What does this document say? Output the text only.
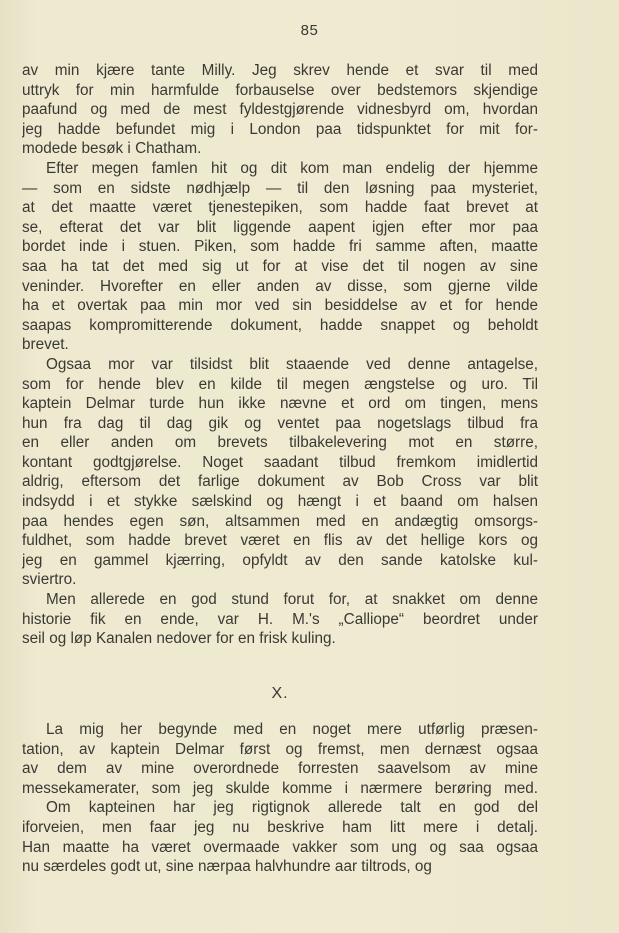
85
av min kjære tante Milly. Jeg skrev hende et svar til med
uttryk for min harmfulde forbauselse over bedstemors skjendige
paafund og med de mest fyldestgjørende vidnesbyrd om, hvordan
jeg hadde befundet mig i London paa tidspunktet for mit for-
modede besøk i Chatham.
Efter megen famlen hit og dit kom man endelig der hjemme
— som en sidste nødhjælp — til den løsning paa mysteriet,
at det maatte været tjenestepiken, som hadde faat brevet at
se, efterat det var blit liggende aapent igjen efter mor paa
bordet inde i stuen. Piken, som hadde fri samme aften, maatte
saa ha tat det med sig ut for at vise det til nogen av sine
veninder. Hvorefter en eller anden av disse, som gjerne vilde
ha et overtak paa min mor ved sin besiddelse av et for hende
saapas kompromitterende dokument, hadde snappet og beholdt
brevet.
Ogsaa mor var tilsidst blit staaende ved denne antagelse,
som for hende blev en kilde til megen ængstelse og uro. Til
kaptein Delmar turde hun ikke nævne et ord om tingen, mens
hun fra dag til dag gik og ventet paa nogetslags tilbud fra
en eller anden om brevets tilbakelevering mot en større,
kontant godtgjørelse. Noget saadant tilbud fremkom imidlertid
aldrig, eftersom det farlige dokument av Bob Cross var blit
indsydd i et stykke sælskind og hængt i et baand om halsen
paa hendes egen søn, altsammen med en andægtig omsorgs-
fuldhet, som hadde brevet været en flis av det hellige kors og
jeg en gammel kjærring, opfyldt av den sande katolske kul-
sviertro.
Men allerede en god stund forut for, at snakket om denne
historie fik en ende, var H. M.'s „Calliope“ beordret under
seil og løp Kanalen nedover for en frisk kuling.
X.
La mig her begynde med en noget mere utførlig præsen-
tation, av kaptein Delmar først og fremst, men dernæst ogsaa
av dem av mine overordnede forresten saavelsom av mine
messekamerater, som jeg skulde komme i nærmere berøring med.
Om kapteinen har jeg rigtignok allerede talt en god del
iforveien, men faar jeg nu beskrive ham litt mere i detalj.
Han maatte ha været overmaade vakker som ung og saa ogsaa
nu særdeles godt ut, sine nærpaa halvhundre aar tiltrods, og
